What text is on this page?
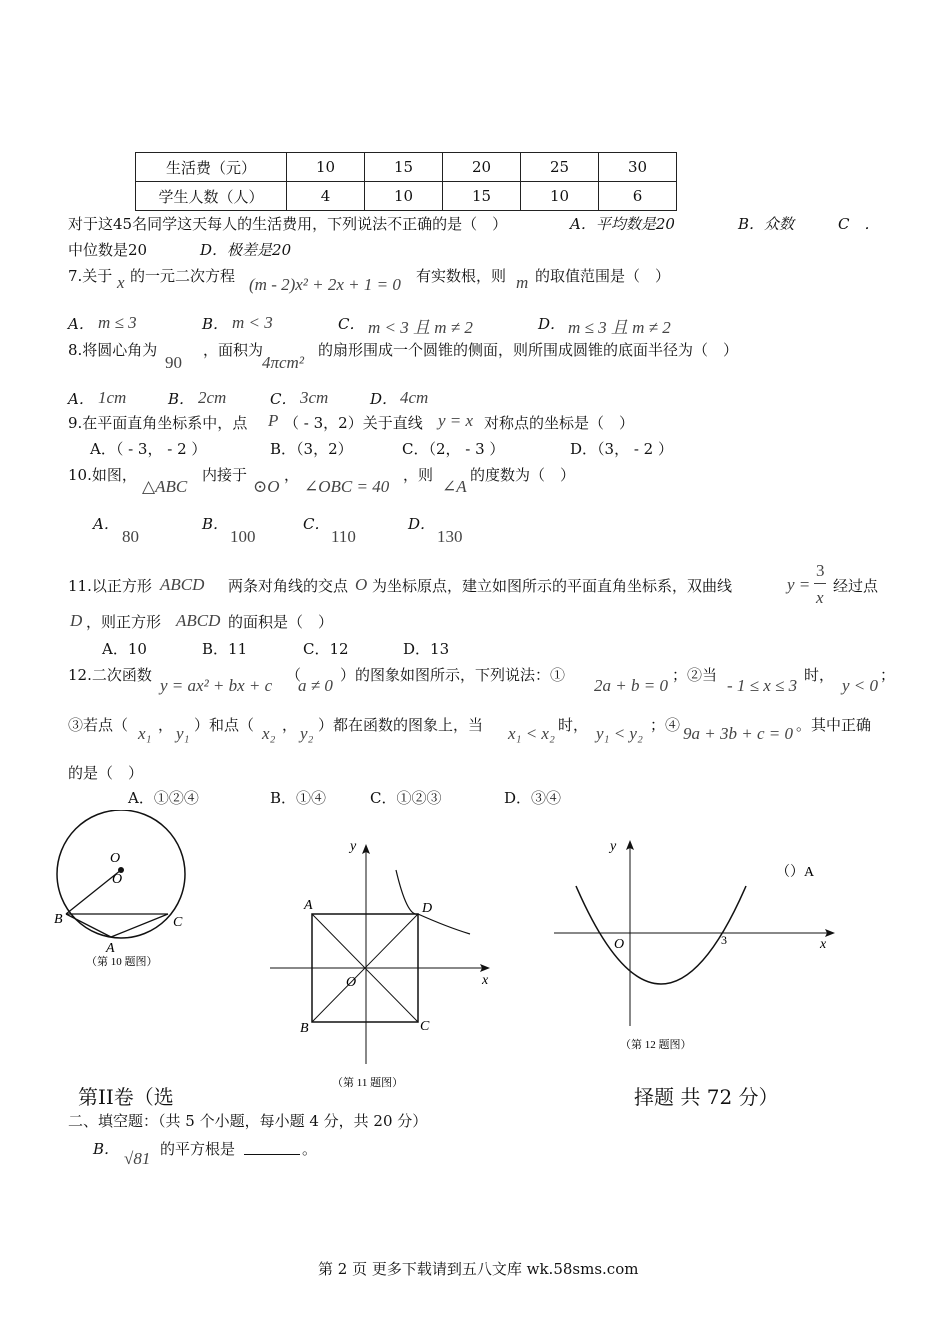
生活费（元）	10	15	20	25	30
学生人数（人）	4	10	15	10	6
对于这45名同学这天每人的生活费用，下列说法不正确的是（　）	A．平均数是20	B．众数	C　．
中位数是20	D．极差是20
7.关于 x 的一元二次方程 (m - 2)x² + 2x + 1 = 0 有实数根，则 m 的取值范围是（　）
A． m ≤ 3	B． m < 3	C． m < 3 且 m ≠ 2	D． m ≤ 3 且 m ≠ 2
8.将圆心角为
90
，面积为
4πcm²
的扇形围成一个圆锥的侧面，则所围成圆锥的底面半径为（　）
A． 1cm	B． 2cm	C． 3cm	D． 4cm
9.在平面直角坐标系中，点 P （ - 3，2）关于直线 y = x 对称点的坐标是（　）
A．（ - 3， - 2 ）	B．（3，2）	C．（2， - 3 ）	D．（3， - 2 ）
10.如图，
△ABC
内接于
⊙O
，
∠OBC = 40
，则
∠A
的度数为（　）
A．
80
B．
100
C．
110
D．
130
11.以正方形 ABCD 两条对角线的交点 O 为坐标原点，建立如图所示的平面直角坐标系，双曲线	y =
3
x
经过点
D ，则正方形 ABCD 的面积是（　）
A．10	B．11	C．12	D．13
12.二次函数
y = ax² + bx + c
（
a ≠ 0
）的图象如图所示，下列说法：①
2a + b = 0
；②当
- 1 ≤ x ≤ 3
时，
y < 0
；
③若点（ x₁ ， y₁ ）和点（ x₂ ， y₂ ）都在函数的图象上，当 x₁ < x₂ 时， y₁ < y₂ ；④ 9a + 3b + c = 0 。其中正确
的是（　）
A．①②④	B．①④	C．①②③	D．③④
O
O
B	C
A
（第 10 题图）
y
x
A	D
O
B	C
（第 11 题图）
y
x
O	3
（第 12 题图）
（）A
第II卷（选	择题 共 72 分）
二、填空题：（共 5 个小题，每小题 4 分，共 20 分）
B． √81 的平方根是	。
第 2 页 更多下载请到五八文库 wk.58sms.com
